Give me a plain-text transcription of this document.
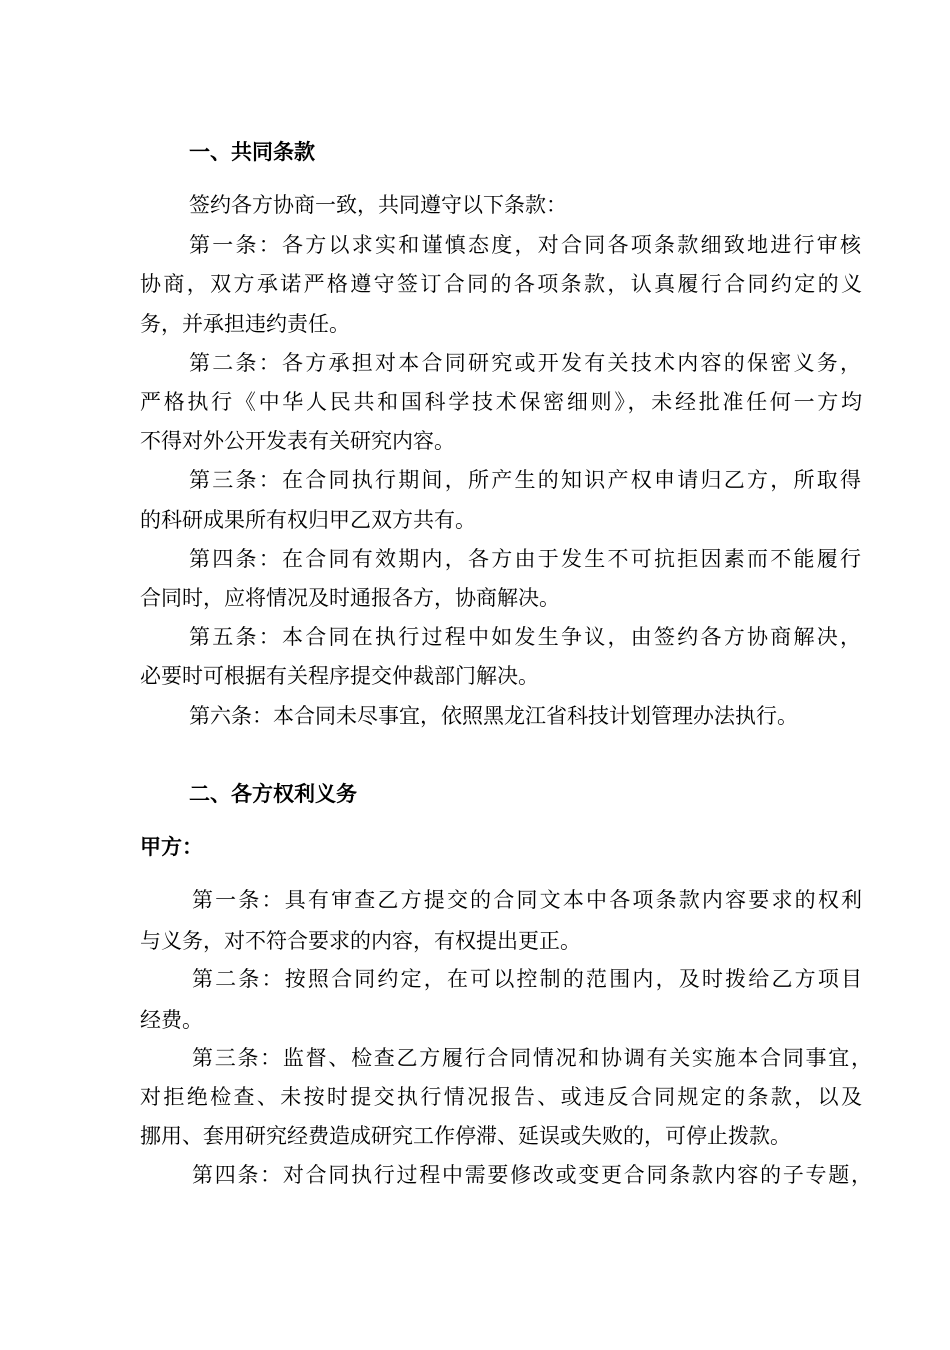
一、共同条款
签约各方协商一致，共同遵守以下条款：
第一条：各方以求实和谨慎态度，对合同各项条款细致地进行审核
协商，双方承诺严格遵守签订合同的各项条款，认真履行合同约定的义
务，并承担违约责任。
第二条：各方承担对本合同研究或开发有关技术内容的保密义务，
严格执行《中华人民共和国科学技术保密细则》，未经批准任何一方均
不得对外公开发表有关研究内容。
第三条：在合同执行期间，所产生的知识产权申请归乙方，所取得
的科研成果所有权归甲乙双方共有。
第四条：在合同有效期内，各方由于发生不可抗拒因素而不能履行
合同时，应将情况及时通报各方，协商解决。
第五条：本合同在执行过程中如发生争议，由签约各方协商解决，
必要时可根据有关程序提交仲裁部门解决。
第六条：本合同未尽事宜，依照黑龙江省科技计划管理办法执行。
二、各方权利义务
甲方：
第一条：具有审查乙方提交的合同文本中各项条款内容要求的权利
与义务，对不符合要求的内容，有权提出更正。
第二条：按照合同约定，在可以控制的范围内，及时拨给乙方项目
经费。
第三条：监督、检查乙方履行合同情况和协调有关实施本合同事宜，
对拒绝检查、未按时提交执行情况报告、或违反合同规定的条款，以及
挪用、套用研究经费造成研究工作停滞、延误或失败的，可停止拨款。
第四条：对合同执行过程中需要修改或变更合同条款内容的子专题，
